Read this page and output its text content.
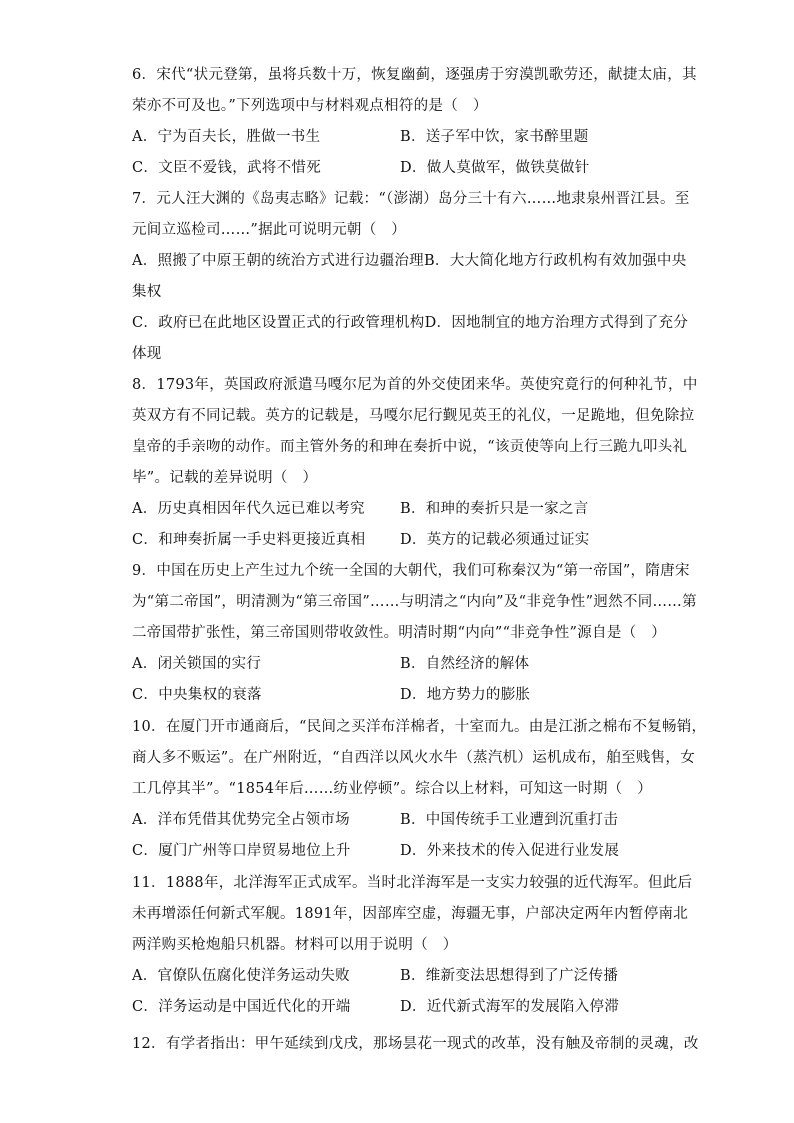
6．宋代“状元登第，虽将兵数十万，恢复幽蓟，逐强虏于穷漠凯歌劳还，献捷太庙，其
荣亦不可及也。”下列选项中与材料观点相符的是（　）
A．宁为百夫长，胜做一书生	B．送子军中饮，家书醉里题
C．文臣不爱钱，武将不惜死	D．做人莫做军，做铁莫做针
7．元人汪大渊的《岛夷志略》记载：“（澎湖）岛分三十有六……地隶泉州晋江县。至
元间立巡检司……”据此可说明元朝（　）
A．照搬了中原王朝的统治方式进行边疆治理B．大大简化地方行政机构有效加强中央
集权
C．政府已在此地区设置正式的行政管理机构D．因地制宜的地方治理方式得到了充分
体现
8．1793年，英国政府派遣马嘎尔尼为首的外交使团来华。英使究竟行的何种礼节，中
英双方有不同记载。英方的记载是，马嘎尔尼行觐见英王的礼仪，一足跪地，但免除拉
皇帝的手亲吻的动作。而主管外务的和珅在奏折中说，“该贡使等向上行三跪九叩头礼
毕”。记载的差异说明（　）
A．历史真相因年代久远已难以考究	B．和珅的奏折只是一家之言
C．和珅奏折属一手史料更接近真相	D．英方的记载必须通过证实
9．中国在历史上产生过九个统一全国的大朝代，我们可称秦汉为“第一帝国”，隋唐宋
为“第二帝国”，明清测为“第三帝国”……与明清之“内向”及“非竞争性”迥然不同……第
二帝国带扩张性，第三帝国则带收敛性。明清时期“内向”“非竞争性”源自是（　）
A．闭关锁国的实行	B．自然经济的解体
C．中央集权的衰落	D．地方势力的膨胀
10．在厦门开市通商后，“民间之买洋布洋棉者，十室而九。由是江浙之棉布不复畅销，
商人多不贩运”。在广州附近，“自西洋以风火水牛（蒸汽机）运机成布，舶至贱售，女
工几停其半”。“1854年后……纺业停顿”。综合以上材料，可知这一时期（　）
A．洋布凭借其优势完全占领市场	B．中国传统手工业遭到沉重打击
C．厦门广州等口岸贸易地位上升	D．外来技术的传入促进行业发展
11．1888年，北洋海军正式成军。当时北洋海军是一支实力较强的近代海军。但此后
未再增添任何新式军舰。1891年，因部库空虚，海疆无事，户部决定两年内暂停南北
两洋购买枪炮船只机器。材料可以用于说明（　）
A．官僚队伍腐化使洋务运动失败	B．维新变法思想得到了广泛传播
C．洋务运动是中国近代化的开端	D．近代新式海军的发展陷入停滞
12．有学者指出：甲午延续到戊戌，那场昙花一现式的改革，没有触及帝制的灵魂，改
